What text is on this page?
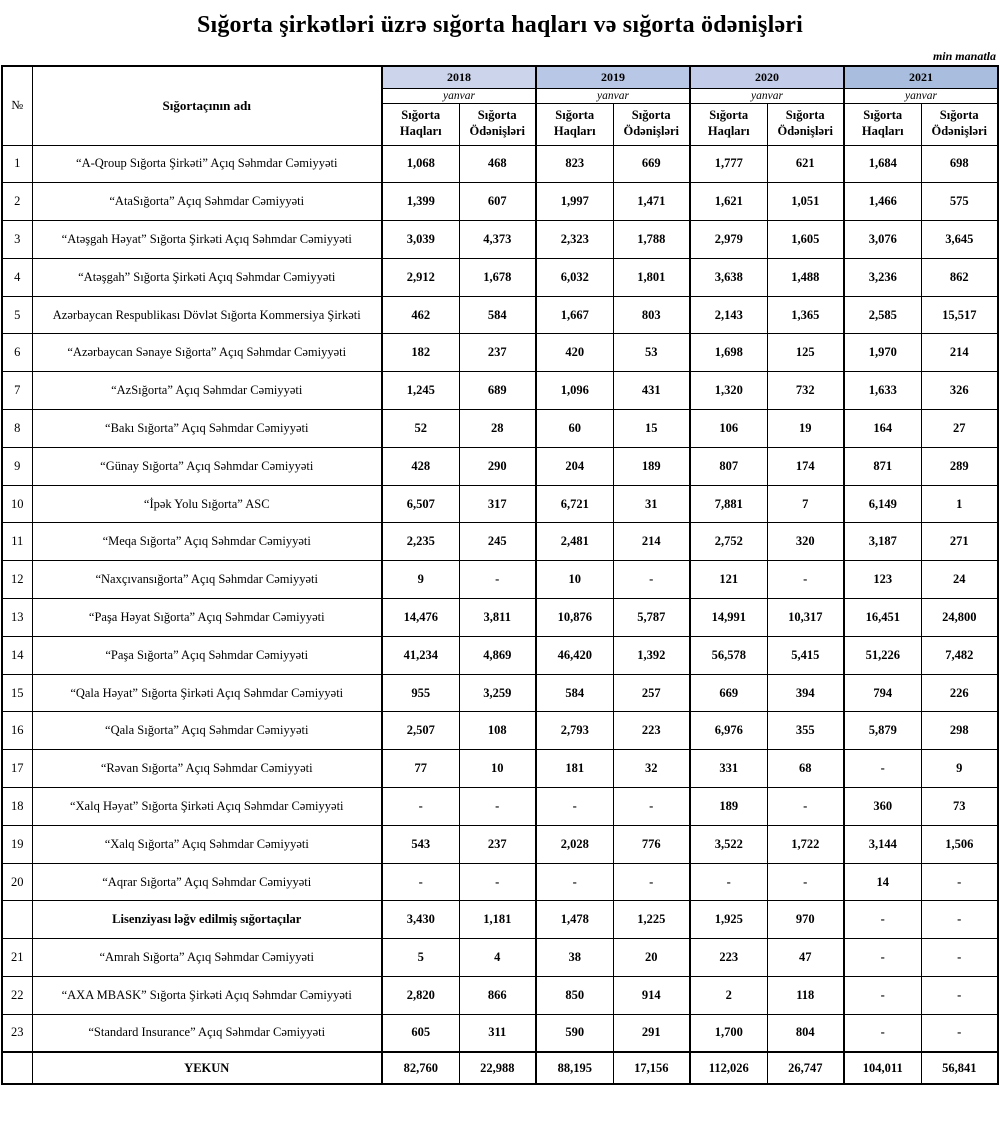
Sığorta şirkətləri üzrə sığorta haqları və sığorta ödənişləri
min manatla
№	Sığortaçının adı	2018		2019		2020		2021	
		yanvar		yanvar		yanvar		yanvar	
		Sığorta Haqları	Sığorta Ödənişləri	Sığorta Haqları	Sığorta Ödənişləri	Sığorta Haqları	Sığorta Ödənişləri	Sığorta Haqları	Sığorta Ödənişləri
1	“A-Qroup Sığorta Şirkəti” Açıq Səhmdar Cəmiyyəti	1,068	468	823	669	1,777	621	1,684	698
2	“AtaSığorta” Açıq Səhmdar Cəmiyyəti	1,399	607	1,997	1,471	1,621	1,051	1,466	575
3	“Atəşgah Həyat” Sığorta Şirkəti Açıq Səhmdar Cəmiyyəti	3,039	4,373	2,323	1,788	2,979	1,605	3,076	3,645
4	“Atəşgah” Sığorta Şirkəti Açıq Səhmdar Cəmiyyəti	2,912	1,678	6,032	1,801	3,638	1,488	3,236	862
5	Azərbaycan Respublikası Dövlət Sığorta Kommersiya Şirkəti	462	584	1,667	803	2,143	1,365	2,585	15,517
6	“Azərbaycan Sənaye Sığorta” Açıq Səhmdar Cəmiyyəti	182	237	420	53	1,698	125	1,970	214
7	“AzSığorta” Açıq Səhmdar Cəmiyyəti	1,245	689	1,096	431	1,320	732	1,633	326
8	“Bakı Sığorta” Açıq Səhmdar Cəmiyyəti	52	28	60	15	106	19	164	27
9	“Günay Sığorta” Açıq Səhmdar Cəmiyyəti	428	290	204	189	807	174	871	289
10	“İpək Yolu Sığorta” ASC	6,507	317	6,721	31	7,881	7	6,149	1
11	“Meqa Sığorta” Açıq Səhmdar Cəmiyyəti	2,235	245	2,481	214	2,752	320	3,187	271
12	“Naxçıvansığorta” Açıq Səhmdar Cəmiyyəti	9	-	10	-	121	-	123	24
13	“Paşa Həyat Sığorta” Açıq Səhmdar Cəmiyyəti	14,476	3,811	10,876	5,787	14,991	10,317	16,451	24,800
14	“Paşa Sığorta” Açıq Səhmdar Cəmiyyəti	41,234	4,869	46,420	1,392	56,578	5,415	51,226	7,482
15	“Qala Həyat” Sığorta Şirkəti Açıq Səhmdar Cəmiyyəti	955	3,259	584	257	669	394	794	226
16	“Qala Sığorta” Açıq Səhmdar Cəmiyyəti	2,507	108	2,793	223	6,976	355	5,879	298
17	“Rəvan Sığorta” Açıq Səhmdar Cəmiyyəti	77	10	181	32	331	68	-	9
18	“Xalq Həyat” Sığorta Şirkəti Açıq Səhmdar Cəmiyyəti	-	-	-	-	189	-	360	73
19	“Xalq Sığorta” Açıq Səhmdar Cəmiyyəti	543	237	2,028	776	3,522	1,722	3,144	1,506
20	“Aqrar Sığorta” Açıq Səhmdar Cəmiyyəti	-	-	-	-	-	-	14	-
	Lisenziyası ləğv edilmiş sığortaçılar	3,430	1,181	1,478	1,225	1,925	970	-	-
21	“Amrah Sığorta” Açıq Səhmdar Cəmiyyəti	5	4	38	20	223	47	-	-
22	“AXA MBASK” Sığorta Şirkəti Açıq Səhmdar Cəmiyyəti	2,820	866	850	914	2	118	-	-
23	“Standard Insurance” Açıq Səhmdar Cəmiyyəti	605	311	590	291	1,700	804	-	-
	YEKUN	82,760	22,988	88,195	17,156	112,026	26,747	104,011	56,841
